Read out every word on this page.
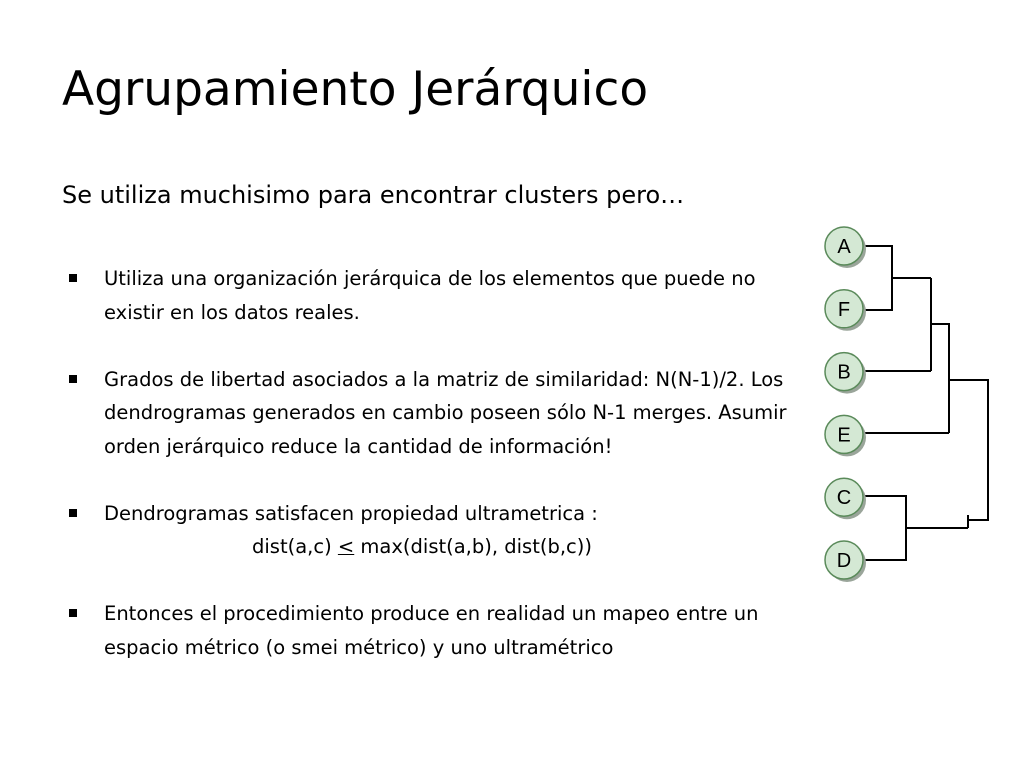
Agrupamiento Jerárquico

Se utiliza muchisimo para encontrar clusters pero…

Utiliza una organización jerárquica de los elementos que puede no existir en los datos reales.
Grados de libertad asociados a la matriz de similaridad: N(N-1)/2. Los dendrogramas generados en cambio poseen sólo N-1 merges. Asumir orden jerárquico reduce la cantidad de información!
Dendrogramas satisfacen propiedad ultrametrica :
dist(a,c) < max(dist(a,b), dist(b,c))
Entonces el procedimiento produce en realidad un mapeo entre un espacio métrico (o smei métrico) y uno ultramétrico
A
F
B
E
C
D
